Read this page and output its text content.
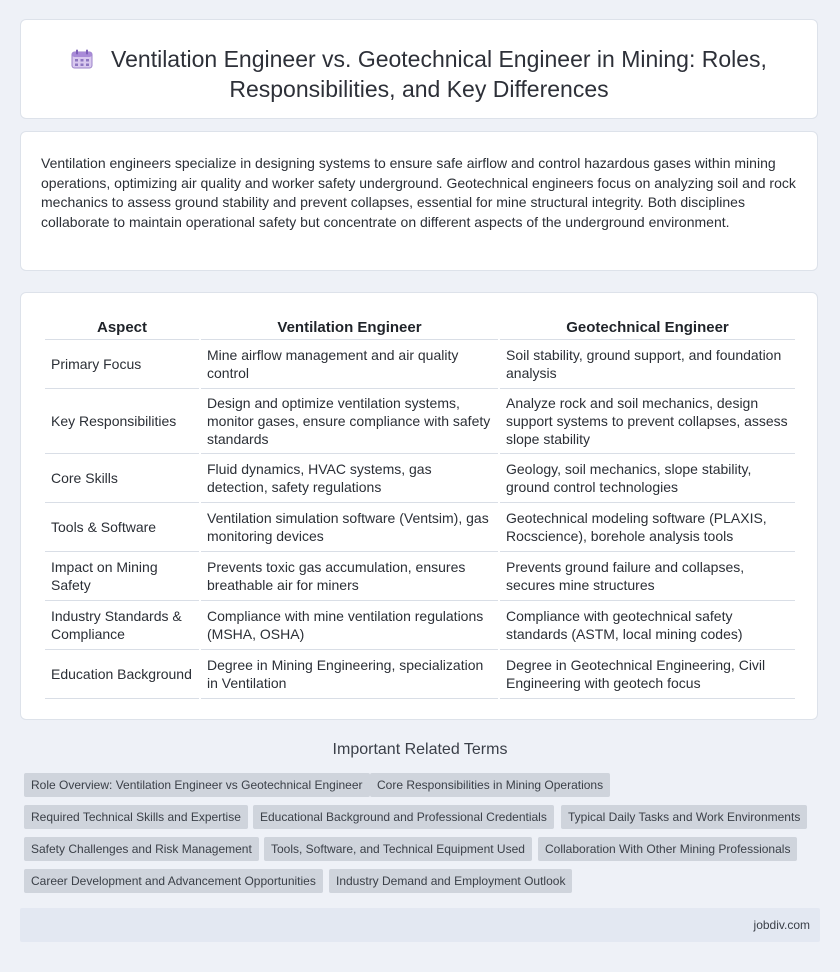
Ventilation Engineer vs. Geotechnical Engineer in Mining: Roles, Responsibilities, and Key Differences

Ventilation engineers specialize in designing systems to ensure safe airflow and control hazardous gases within mining operations, optimizing air quality and worker safety underground. Geotechnical engineers focus on analyzing soil and rock mechanics to assess ground stability and prevent collapses, essential for mine structural integrity. Both disciplines collaborate to maintain operational safety but concentrate on different aspects of the underground environment.

Aspect	Ventilation Engineer	Geotechnical Engineer
Primary Focus	Mine airflow management and air quality control	Soil stability, ground support, and foundation analysis
Key Responsibilities	Design and optimize ventilation systems, monitor gases, ensure compliance with safety standards	Analyze rock and soil mechanics, design support systems to prevent collapses, assess slope stability
Core Skills	Fluid dynamics, HVAC systems, gas detection, safety regulations	Geology, soil mechanics, slope stability, ground control technologies
Tools & Software	Ventilation simulation software (Ventsim), gas monitoring devices	Geotechnical modeling software (PLAXIS, Rocscience), borehole analysis tools
Impact on Mining Safety	Prevents toxic gas accumulation, ensures breathable air for miners	Prevents ground failure and collapses, secures mine structures
Industry Standards & Compliance	Compliance with mine ventilation regulations (MSHA, OSHA)	Compliance with geotechnical safety standards (ASTM, local mining codes)
Education Background	Degree in Mining Engineering, specialization in Ventilation	Degree in Geotechnical Engineering, Civil Engineering with geotech focus
Important Related Terms
Role Overview: Ventilation Engineer vs Geotechnical Engineer	Core Responsibilities in Mining Operations
Required Technical Skills and Expertise	Educational Background and Professional Credentials	Typical Daily Tasks and Work Environments
Safety Challenges and Risk Management	Tools, Software, and Technical Equipment Used	Collaboration With Other Mining Professionals
Career Development and Advancement Opportunities	Industry Demand and Employment Outlook
jobdiv.com
